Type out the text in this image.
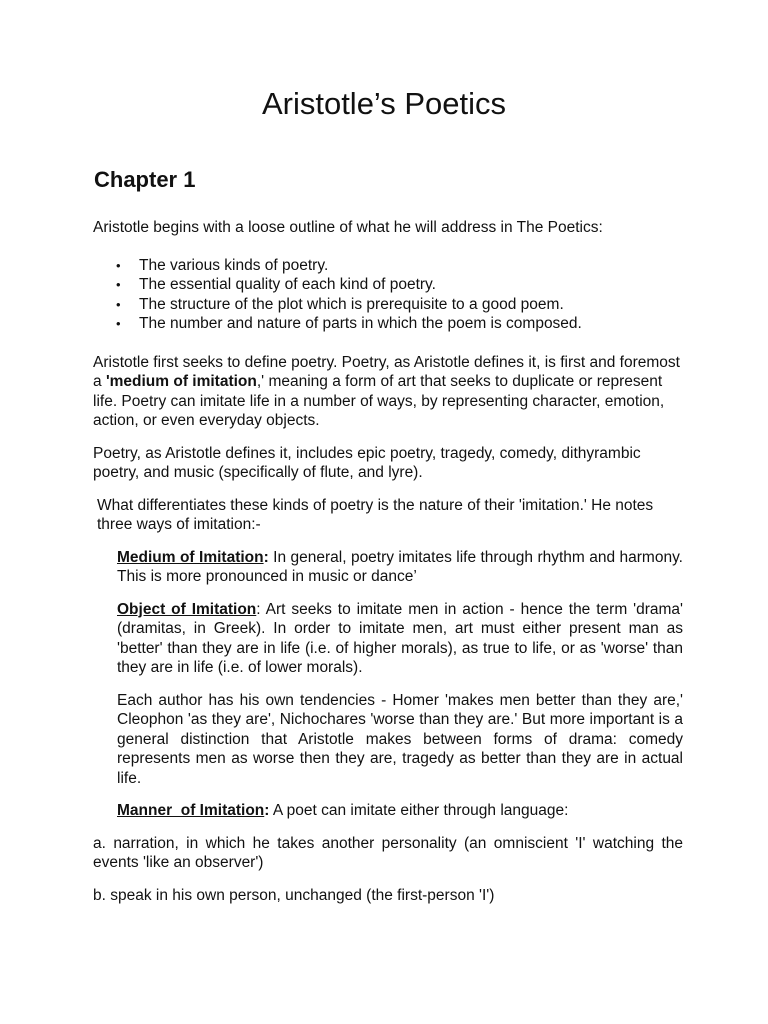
Aristotle’s Poetics
Chapter 1

Aristotle begins with a loose outline of what he will address in The Poetics:

• The various kinds of poetry.
• The essential quality of each kind of poetry.
• The structure of the plot which is prerequisite to a good poem.
• The number and nature of parts in which the poem is composed.

Aristotle first seeks to define poetry. Poetry, as Aristotle defines it, is first and foremost a 'medium of imitation,' meaning a form of art that seeks to duplicate or represent life. Poetry can imitate life in a number of ways, by representing character, emotion, action, or even everyday objects.

Poetry, as Aristotle defines it, includes epic poetry, tragedy, comedy, dithyrambic poetry, and music (specifically of flute, and lyre).

What differentiates these kinds of poetry is the nature of their 'imitation.' He notes three ways of imitation:-

Medium of Imitation: In general, poetry imitates life through rhythm and harmony. This is more pronounced in music or dance’

Object of Imitation: Art seeks to imitate men in action - hence the term 'drama' (dramitas, in Greek). In order to imitate men, art must either present man as 'better' than they are in life (i.e. of higher morals), as true to life, or as 'worse' than they are in life (i.e. of lower morals).

Each author has his own tendencies - Homer 'makes men better than they are,' Cleophon 'as they are', Nichochares 'worse than they are.' But more important is a general distinction that Aristotle makes between forms of drama: comedy represents men as worse then they are, tragedy as better than they are in actual life.

Manner  of Imitation: A poet can imitate either through language:

a. narration, in which he takes another personality (an omniscient 'I' watching the events 'like an observer')

b. speak in his own person, unchanged (the first-person 'I')
